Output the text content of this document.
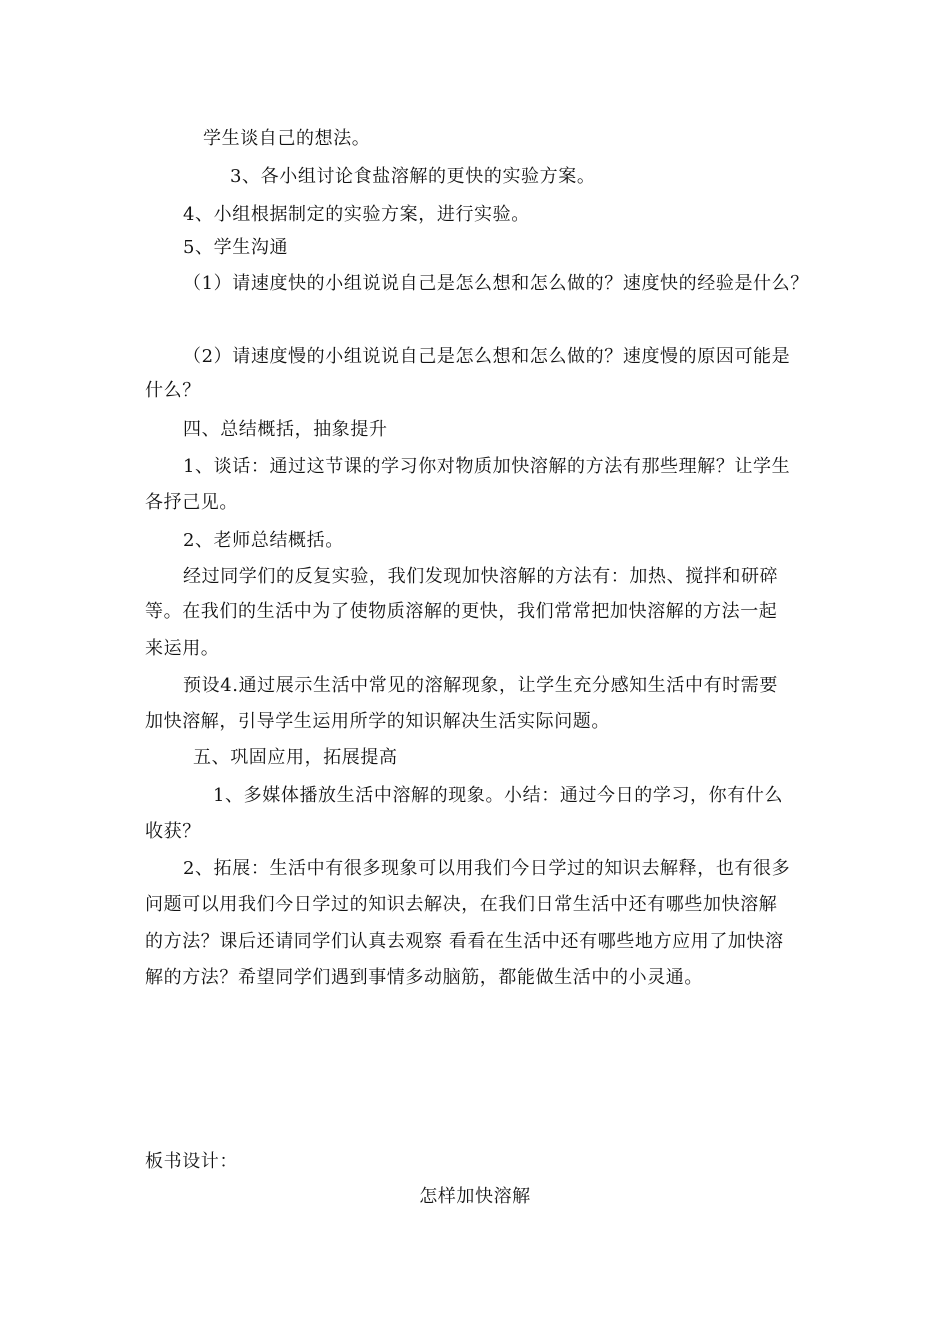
学生谈自己的想法。
3、各小组讨论食盐溶解的更快的实验方案。
4、小组根据制定的实验方案，进行实验。
5、学生沟通
（1）请速度快的小组说说自己是怎么想和怎么做的？速度快的经验是什么？
（2）请速度慢的小组说说自己是怎么想和怎么做的？速度慢的原因可能是
什么？
四、总结概括，抽象提升
1、谈话：通过这节课的学习你对物质加快溶解的方法有那些理解？让学生
各抒己见。
2、老师总结概括。
经过同学们的反复实验，我们发现加快溶解的方法有：加热、搅拌和研碎
等。在我们的生活中为了使物质溶解的更快，我们常常把加快溶解的方法一起
来运用。
预设4.通过展示生活中常见的溶解现象，让学生充分感知生活中有时需要
加快溶解，引导学生运用所学的知识解决生活实际问题。
五、巩固应用，拓展提高
1、多媒体播放生活中溶解的现象。小结：通过今日的学习，你有什么
收获？
2、拓展：生活中有很多现象可以用我们今日学过的知识去解释，也有很多
问题可以用我们今日学过的知识去解决，在我们日常生活中还有哪些加快溶解
的方法？课后还请同学们认真去观察 看看在生活中还有哪些地方应用了加快溶
解的方法？希望同学们遇到事情多动脑筋，都能做生活中的小灵通。
板书设计：
怎样加快溶解
